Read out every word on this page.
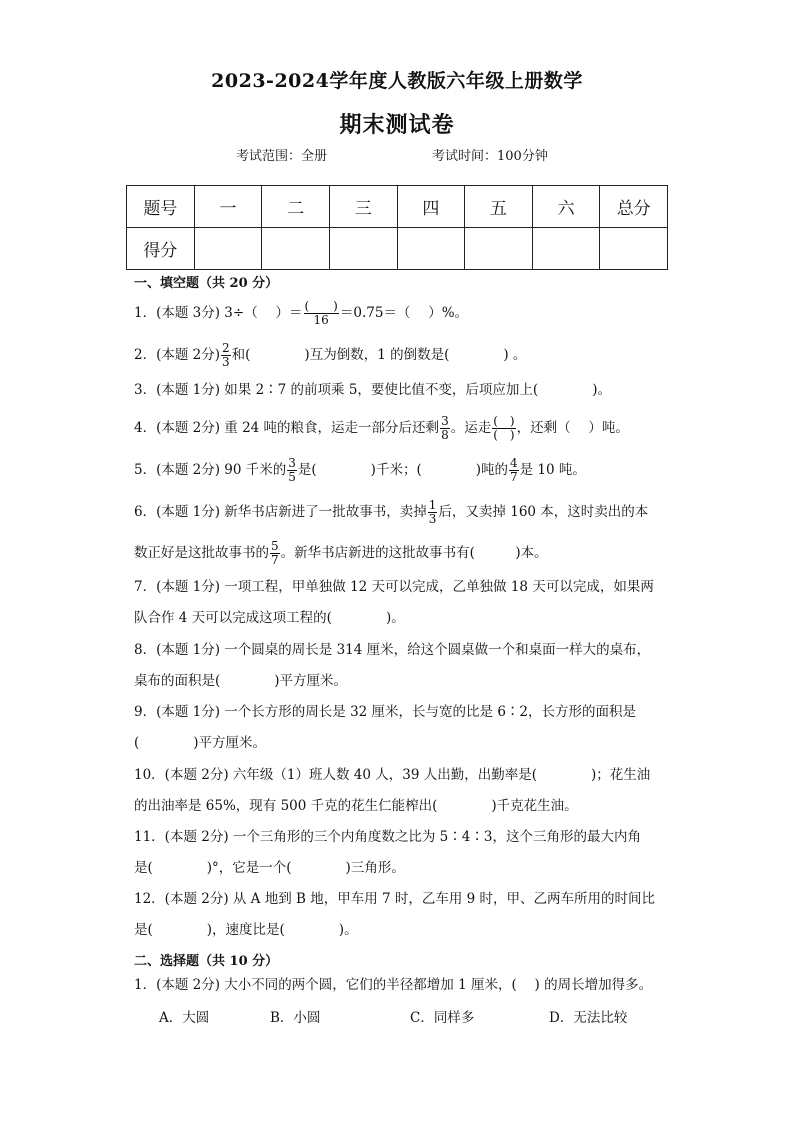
2023-2024学年度人教版六年级上册数学
期末测试卷
考试范围：全册	考试时间：100分钟
题号	一	二	三	四	五	六	总分
得分							
一、填空题（共 20 分）
1．(本题 3分) 3÷（　 ）＝ $\frac{( )}{16} =0.75=$（　 ）%。
2．(本题 2分) $\frac{2}{3}$ 和(　　　　)互为倒数，1 的倒数是(　　　　) 。
3．(本题 1分) 如果 2∶7 的前项乘 5，要使比值不变，后项应加上(　　　　)。
4．(本题 2分) 重 24 吨的粮食，运走一部分后还剩 $\frac{3}{8}$ 。运走 $\frac{( )}{( )}$ ，还剩（　 ）吨。
5．(本题 2分) 90 千米的 $\frac{3}{5}$ 是(　　　　)千米；(　　　　)吨的 $\frac{4}{7}$ 是 10 吨。
6．(本题 1分) 新华书店新进了一批故事书，卖掉 $\frac{1}{3}$ 后，又卖掉 160 本，这时卖出的本
数正好是这批故事书的 $\frac{5}{7}$ 。新华书店新进的这批故事书有(　　　)本。
7．(本题 1分) 一项工程，甲单独做 12 天可以完成，乙单独做 18 天可以完成，如果两
队合作 4 天可以完成这项工程的(　　　　)。
8．(本题 1分) 一个圆桌的周长是 314 厘米，给这个圆桌做一个和桌面一样大的桌布，
桌布的面积是(　　　　)平方厘米。
9．(本题 1分) 一个长方形的周长是 32 厘米，长与宽的比是 6∶2，长方形的面积是
(　　　　)平方厘米。
10．(本题 2分) 六年级（1）班人数 40 人，39 人出勤，出勤率是(　　　　)；花生油
的出油率是 65%，现有 500 千克的花生仁能榨出(　　　　)千克花生油。
11．(本题 2分) 一个三角形的三个内角度数之比为 5∶4∶3，这个三角形的最大内角
是(　　　　)°，它是一个(　　　　)三角形。
12．(本题 2分) 从 A 地到 B 地，甲车用 7 时，乙车用 9 时，甲、乙两车所用的时间比
是(　　　　)，速度比是(　　　　)。
二、选择题（共 10 分）
1．(本题 2分) 大小不同的两个圆，它们的半径都增加 1 厘米，(　 ) 的周长增加得多。
A．大圆	B．小圆	C．同样多	D．无法比较
